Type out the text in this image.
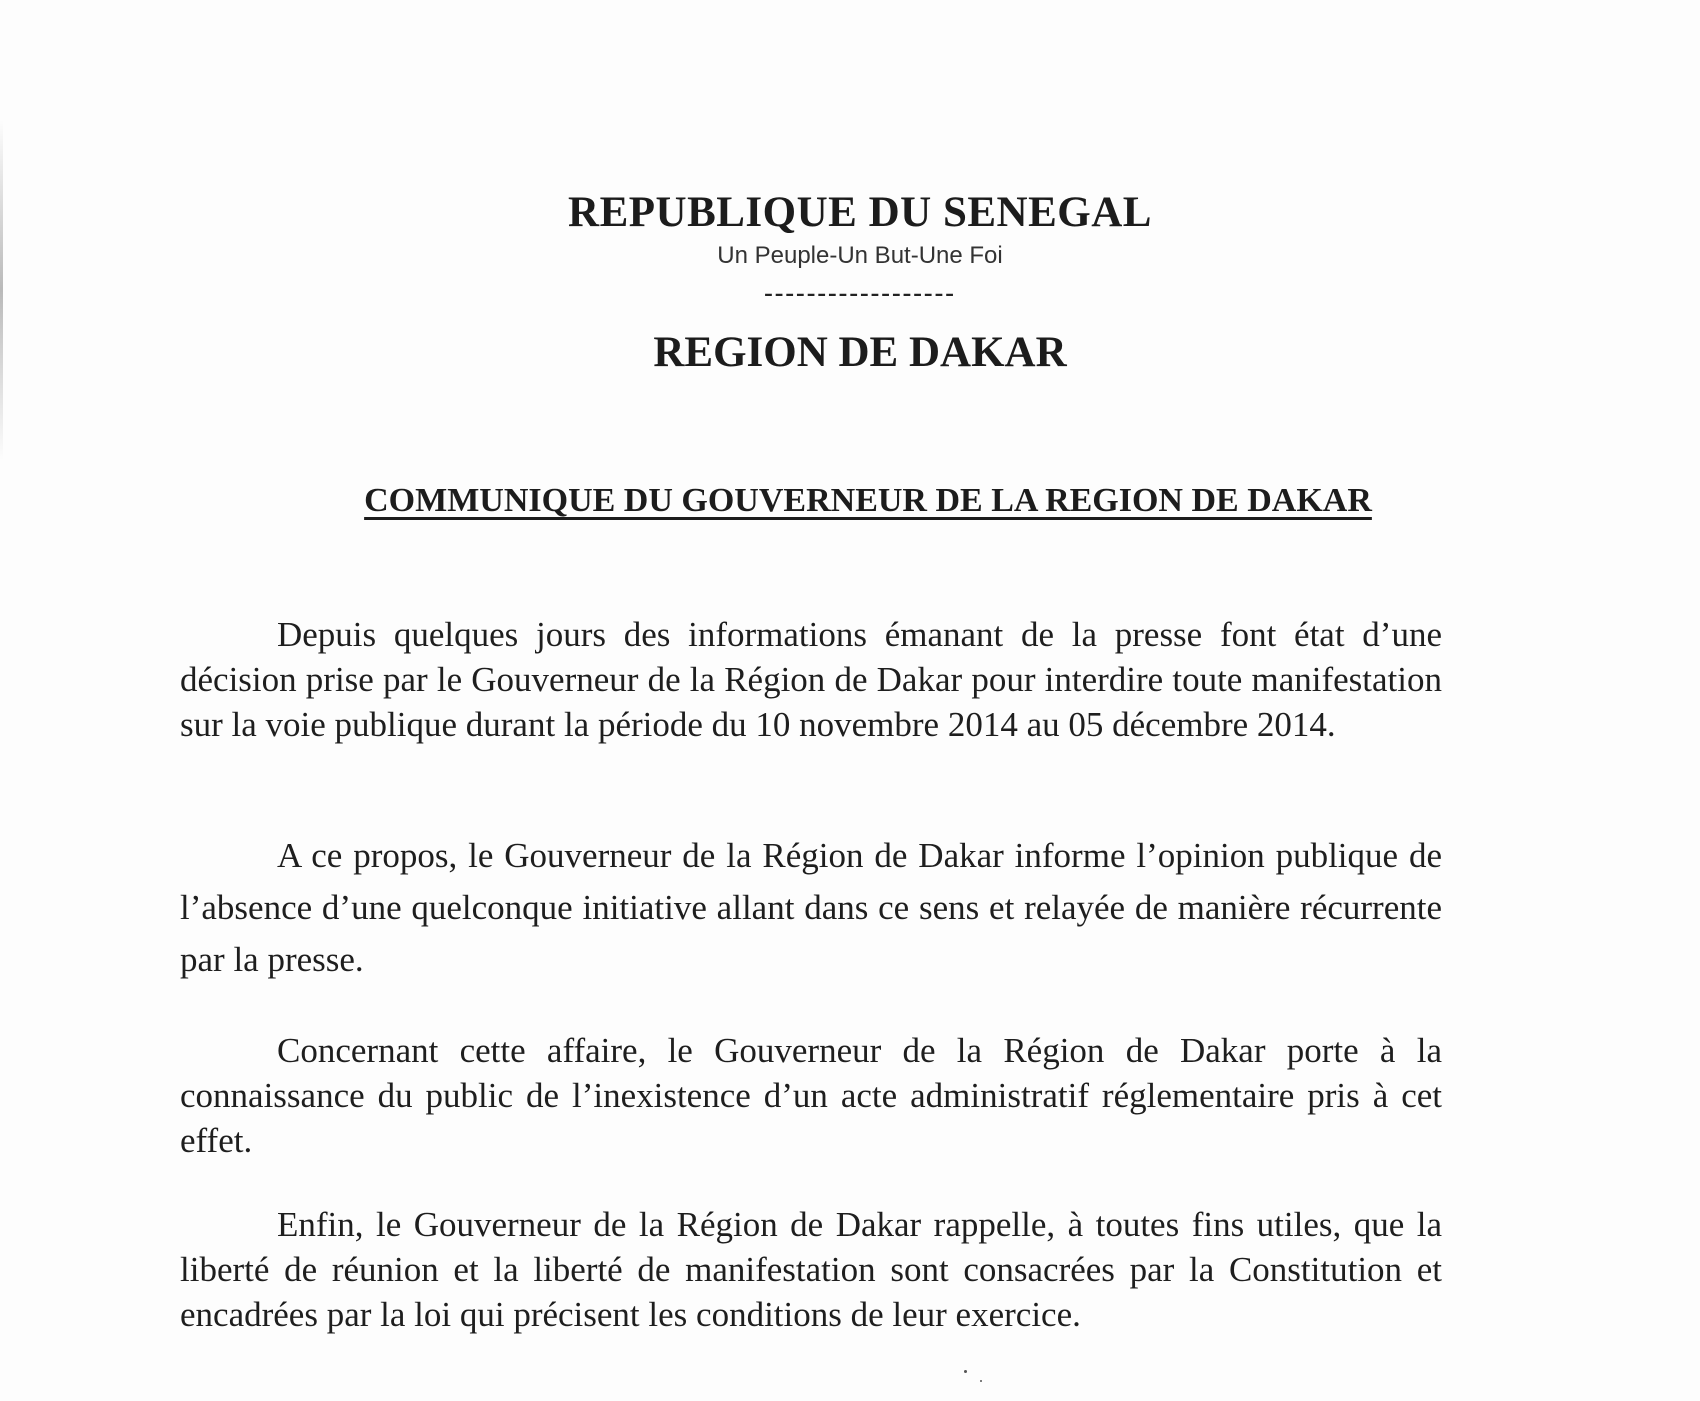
REPUBLIQUE DU SENEGAL
Un Peuple-Un But-Une Foi
------------------
REGION DE DAKAR
COMMUNIQUE DU GOUVERNEUR DE LA REGION DE DAKAR

Depuis quelques jours des informations émanant de la presse font état d’une décision prise par le Gouverneur de la Région de Dakar pour interdire toute manifestation sur la voie publique durant la période du 10 novembre 2014 au 05 décembre 2014.

A ce propos, le Gouverneur de la Région de Dakar informe l’opinion publique de l’absence d’une quelconque initiative allant dans ce sens et relayée de manière récurrente par la presse.

Concernant cette affaire, le Gouverneur de la Région de Dakar porte à la connaissance du public de l’inexistence d’un acte administratif réglementaire pris à cet effet.

Enfin, le Gouverneur de la Région de Dakar rappelle, à toutes fins utiles, que la liberté de réunion et la liberté de manifestation sont consacrées par la Constitution et encadrées par la loi qui précisent les conditions de leur exercice.
